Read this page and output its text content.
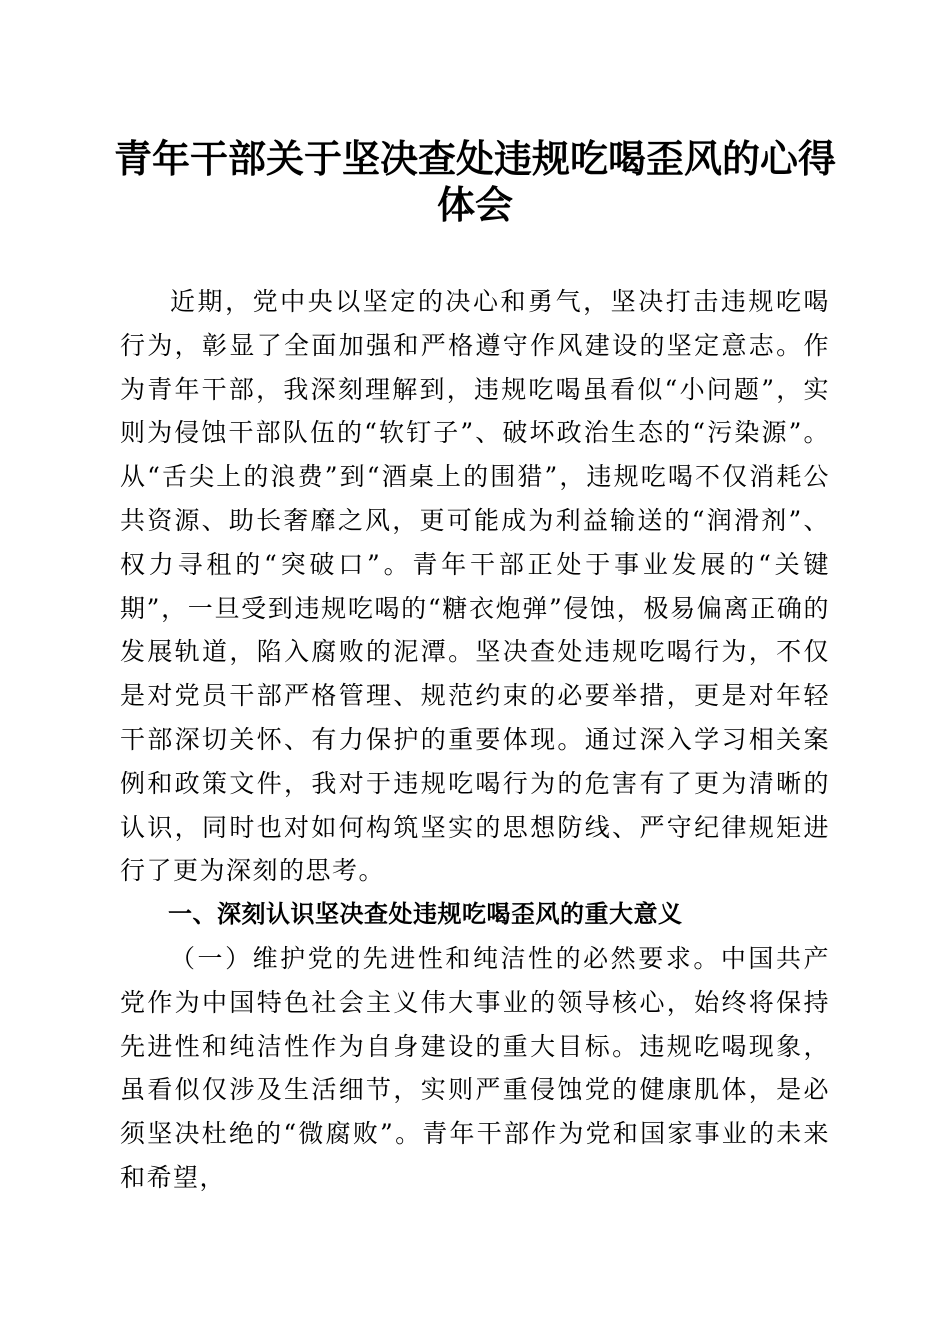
青年干部关于坚决查处违规吃喝歪风的心得体会

近期，党中央以坚定的决心和勇气，坚决打击违规吃喝行为，彰显了全面加强和严格遵守作风建设的坚定意志。作为青年干部，我深刻理解到，违规吃喝虽看似“小问题”，实则为侵蚀干部队伍的“软钉子”、破坏政治生态的“污染源”。从“舌尖上的浪费”到“酒桌上的围猎”，违规吃喝不仅消耗公共资源、助长奢靡之风，更可能成为利益输送的“润滑剂”、权力寻租的“突破口”。青年干部正处于事业发展的“关键期”，一旦受到违规吃喝的“糖衣炮弹”侵蚀，极易偏离正确的发展轨道，陷入腐败的泥潭。坚决查处违规吃喝行为，不仅是对党员干部严格管理、规范约束的必要举措，更是对年轻干部深切关怀、有力保护的重要体现。通过深入学习相关案例和政策文件，我对于违规吃喝行为的危害有了更为清晰的认识，同时也对如何构筑坚实的思想防线、严守纪律规矩进行了更为深刻的思考。

一、深刻认识坚决查处违规吃喝歪风的重大意义

（一）维护党的先进性和纯洁性的必然要求。中国共产党作为中国特色社会主义伟大事业的领导核心，始终将保持先进性和纯洁性作为自身建设的重大目标。违规吃喝现象，虽看似仅涉及生活细节，实则严重侵蚀党的健康肌体，是必须坚决杜绝的“微腐败”。青年干部作为党和国家事业的未来和希望，
